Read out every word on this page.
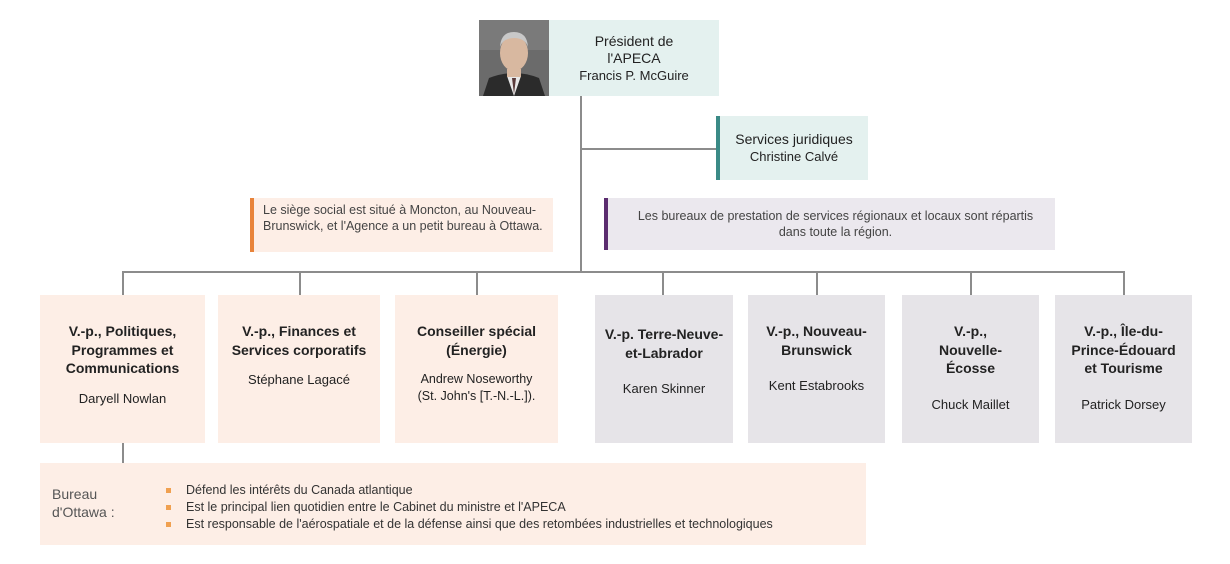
Président de l'APECA
Francis P. McGuire
Services juridiques
Christine Calvé
Le siège social est situé à Moncton, au Nouveau-Brunswick, et l'Agence a un petit bureau à Ottawa.
Les bureaux de prestation de services régionaux et locaux sont répartis dans toute la région.
V.-p., Politiques, Programmes et Communications
Daryell Nowlan
V.-p., Finances et Services corporatifs
Stéphane Lagacé
Conseiller spécial (Énergie)
Andrew Noseworthy (St. John's [T.-N.-L.]).
V.-p. Terre-Neuve-et-Labrador
Karen Skinner
V.-p., Nouveau-Brunswick
Kent Estabrooks
V.-p., Nouvelle-Écosse
Chuck Maillet
V.-p., Île-du-Prince-Édouard et Tourisme
Patrick Dorsey
Bureau d'Ottawa :
Défend les intérêts du Canada atlantique
Est le principal lien quotidien entre le Cabinet du ministre et l'APECA
Est responsable de l'aérospatiale et de la défense ainsi que des retombées industrielles et technologiques
